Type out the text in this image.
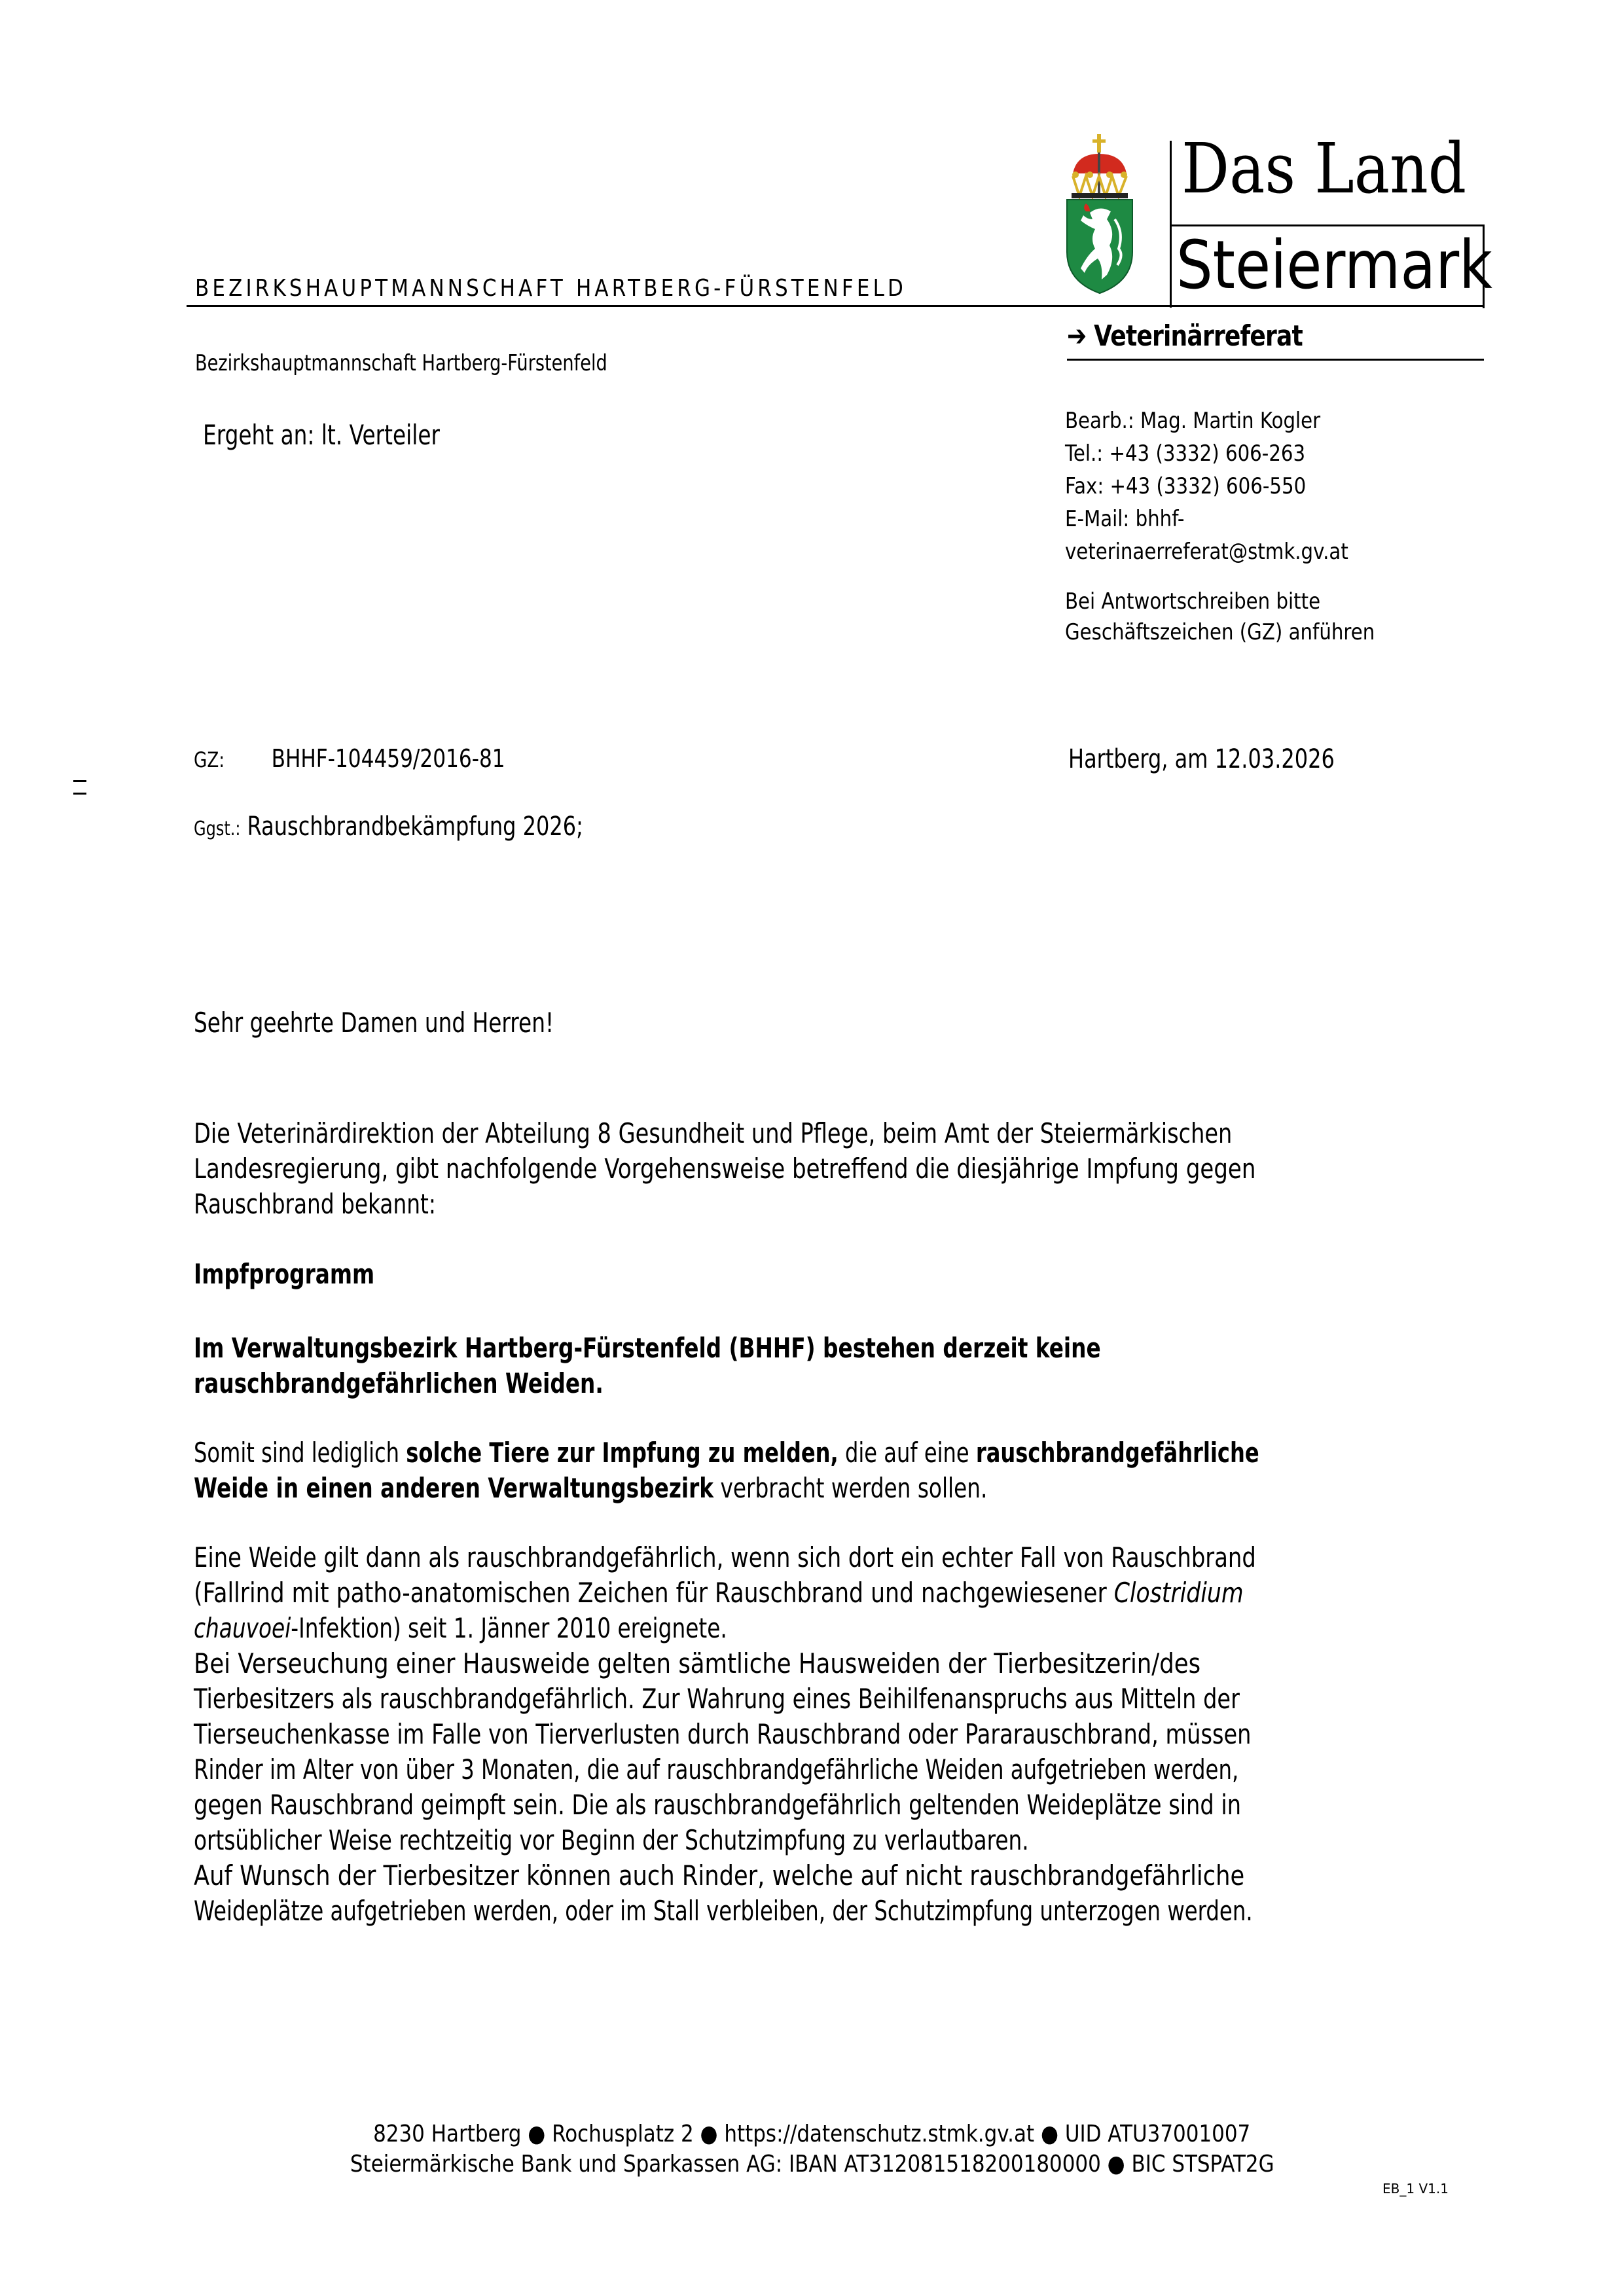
BEZIRKSHAUPTMANNSCHAFT HARTBERG-FÜRSTENFELD
Bezirkshauptmannschaft Hartberg-Fürstenfeld
Ergeht an: lt. Verteiler
Das Land
Steiermark
➔ Veterinärreferat
Bearb.: Mag. Martin Kogler
Tel.: +43 (3332) 606-263
Fax: +43 (3332) 606-550
E-Mail: bhhf-
veterinaerreferat@stmk.gv.at
Bei Antwortschreiben bitte
Geschäftszeichen (GZ) anführen
GZ: BHHF-104459/2016-81	Hartberg, am 12.03.2026
Ggst.: Rauschbrandbekämpfung 2026;
Sehr geehrte Damen und Herren!
Die Veterinärdirektion der Abteilung 8 Gesundheit und Pflege, beim Amt der Steiermärkischen
Landesregierung, gibt nachfolgende Vorgehensweise betreffend die diesjährige Impfung gegen
Rauschbrand bekannt:
Impfprogramm
Im Verwaltungsbezirk Hartberg-Fürstenfeld (BHHF) bestehen derzeit keine
rauschbrandgefährlichen Weiden.
Somit sind lediglich solche Tiere zur Impfung zu melden, die auf eine rauschbrandgefährliche
Weide in einen anderen Verwaltungsbezirk verbracht werden sollen.
Eine Weide gilt dann als rauschbrandgefährlich, wenn sich dort ein echter Fall von Rauschbrand
(Fallrind mit patho-anatomischen Zeichen für Rauschbrand und nachgewiesener Clostridium
chauvoei-Infektion) seit 1. Jänner 2010 ereignete.
Bei Verseuchung einer Hausweide gelten sämtliche Hausweiden der Tierbesitzerin/des
Tierbesitzers als rauschbrandgefährlich. Zur Wahrung eines Beihilfenanspruchs aus Mitteln der
Tierseuchenkasse im Falle von Tierverlusten durch Rauschbrand oder Pararauschbrand, müssen
Rinder im Alter von über 3 Monaten, die auf rauschbrandgefährliche Weiden aufgetrieben werden,
gegen Rauschbrand geimpft sein. Die als rauschbrandgefährlich geltenden Weideplätze sind in
ortsüblicher Weise rechtzeitig vor Beginn der Schutzimpfung zu verlautbaren.
Auf Wunsch der Tierbesitzer können auch Rinder, welche auf nicht rauschbrandgefährliche
Weideplätze aufgetrieben werden, oder im Stall verbleiben, der Schutzimpfung unterzogen werden.
8230 Hartberg ● Rochusplatz 2 ● https://datenschutz.stmk.gv.at ● UID ATU37001007
Steiermärkische Bank und Sparkassen AG: IBAN AT312081518200180000 ● BIC STSPAT2G
EB_1 V1.1
